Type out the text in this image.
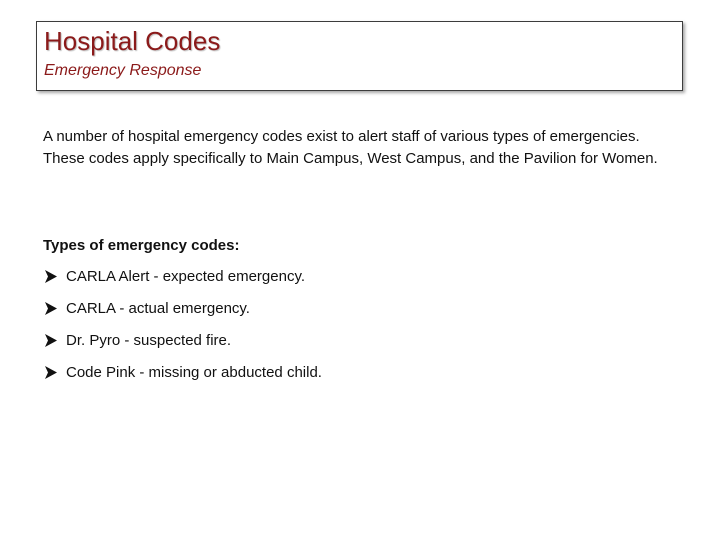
Hospital Codes
Emergency Response

A number of hospital emergency codes exist to alert staff of various types of emergencies. These codes apply specifically to Main Campus, West Campus, and the Pavilion for Women.

Types of emergency codes:
CARLA Alert - expected emergency.
CARLA - actual emergency.
Dr. Pyro - suspected fire.
Code Pink - missing or abducted child.
